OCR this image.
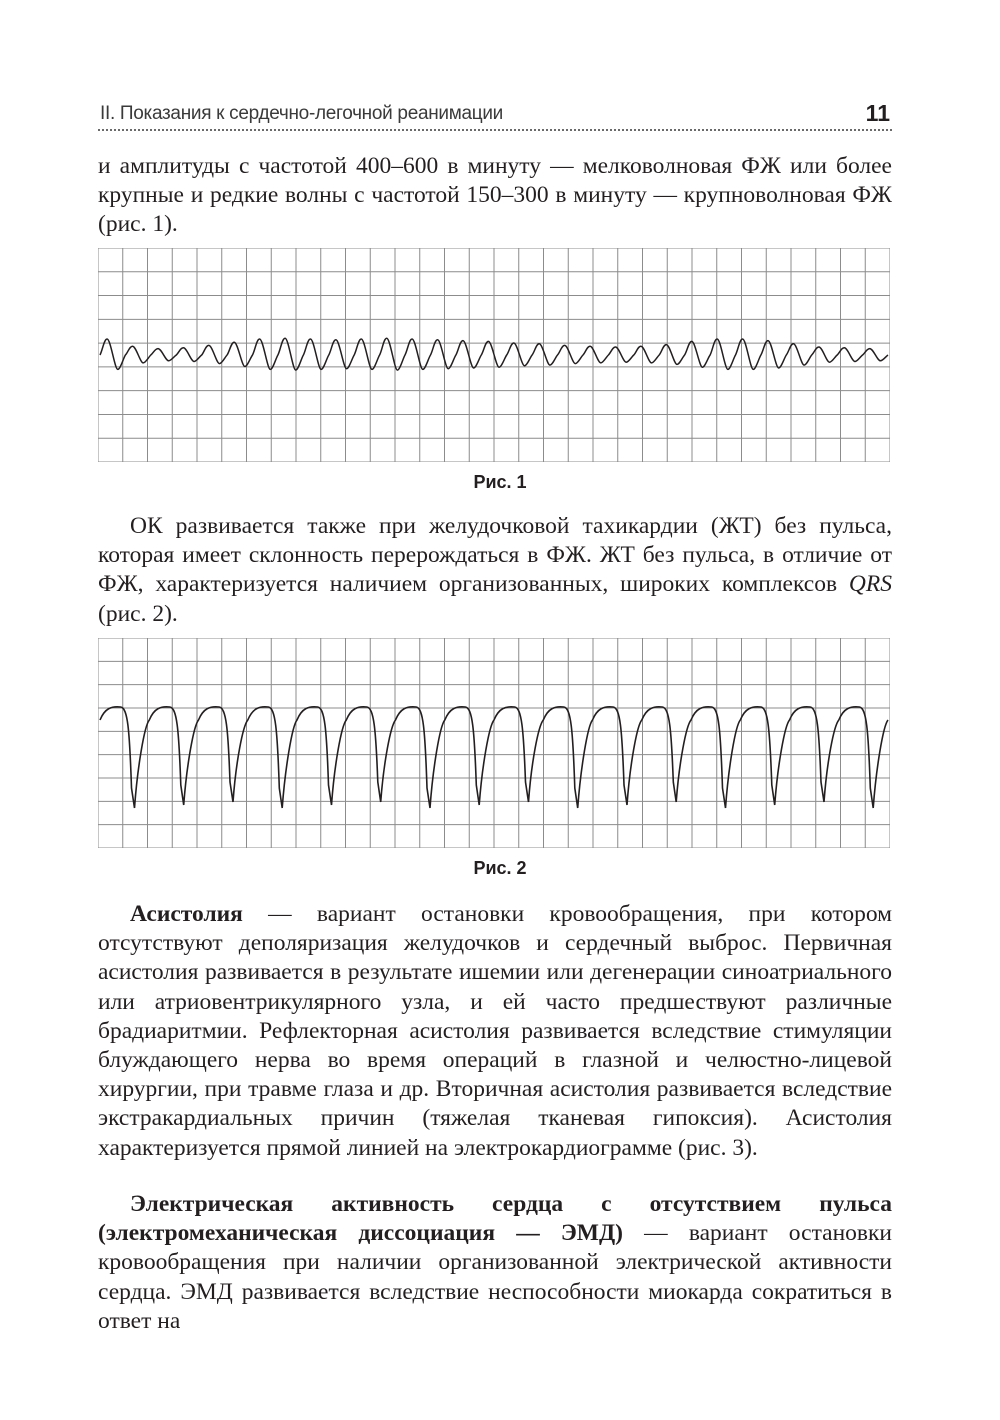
II. Показания к сердечно-легочной реанимации	11
и амплитуды с частотой 400–600 в минуту — мелковолновая ФЖ или более крупные и редкие волны с частотой 150–300 в минуту — крупноволновая ФЖ (рис. 1).
Рис. 1
ОК развивается также при желудочковой тахикардии (ЖТ) без пульса, которая имеет склонность перерождаться в ФЖ. ЖТ без пульса, в отличие от ФЖ, характеризуется наличием организованных, широких комплексов QRS (рис. 2).
Рис. 2
Асистолия — вариант остановки кровообращения, при котором отсутствуют деполяризация желудочков и сердечный выброс. Первичная асистолия развивается в результате ишемии или дегенерации синоатриального или атриовентрикулярного узла, и ей часто предшествуют различные брадиаритмии. Рефлекторная асистолия развивается вследствие стимуляции блуждающего нерва во время операций в глазной и челюстно-лицевой хирургии, при травме глаза и др. Вторичная асистолия развивается вследствие экстракардиальных причин (тяжелая тканевая гипоксия). Асистолия характеризуется прямой линией на электрокардиограмме (рис. 3).
Электрическая активность сердца с отсутствием пульса (электромеханическая диссоциация — ЭМД) — вариант остановки кровообращения при наличии организованной электрической активности сердца. ЭМД развивается вследствие неспособности миокарда сократиться в ответ на
